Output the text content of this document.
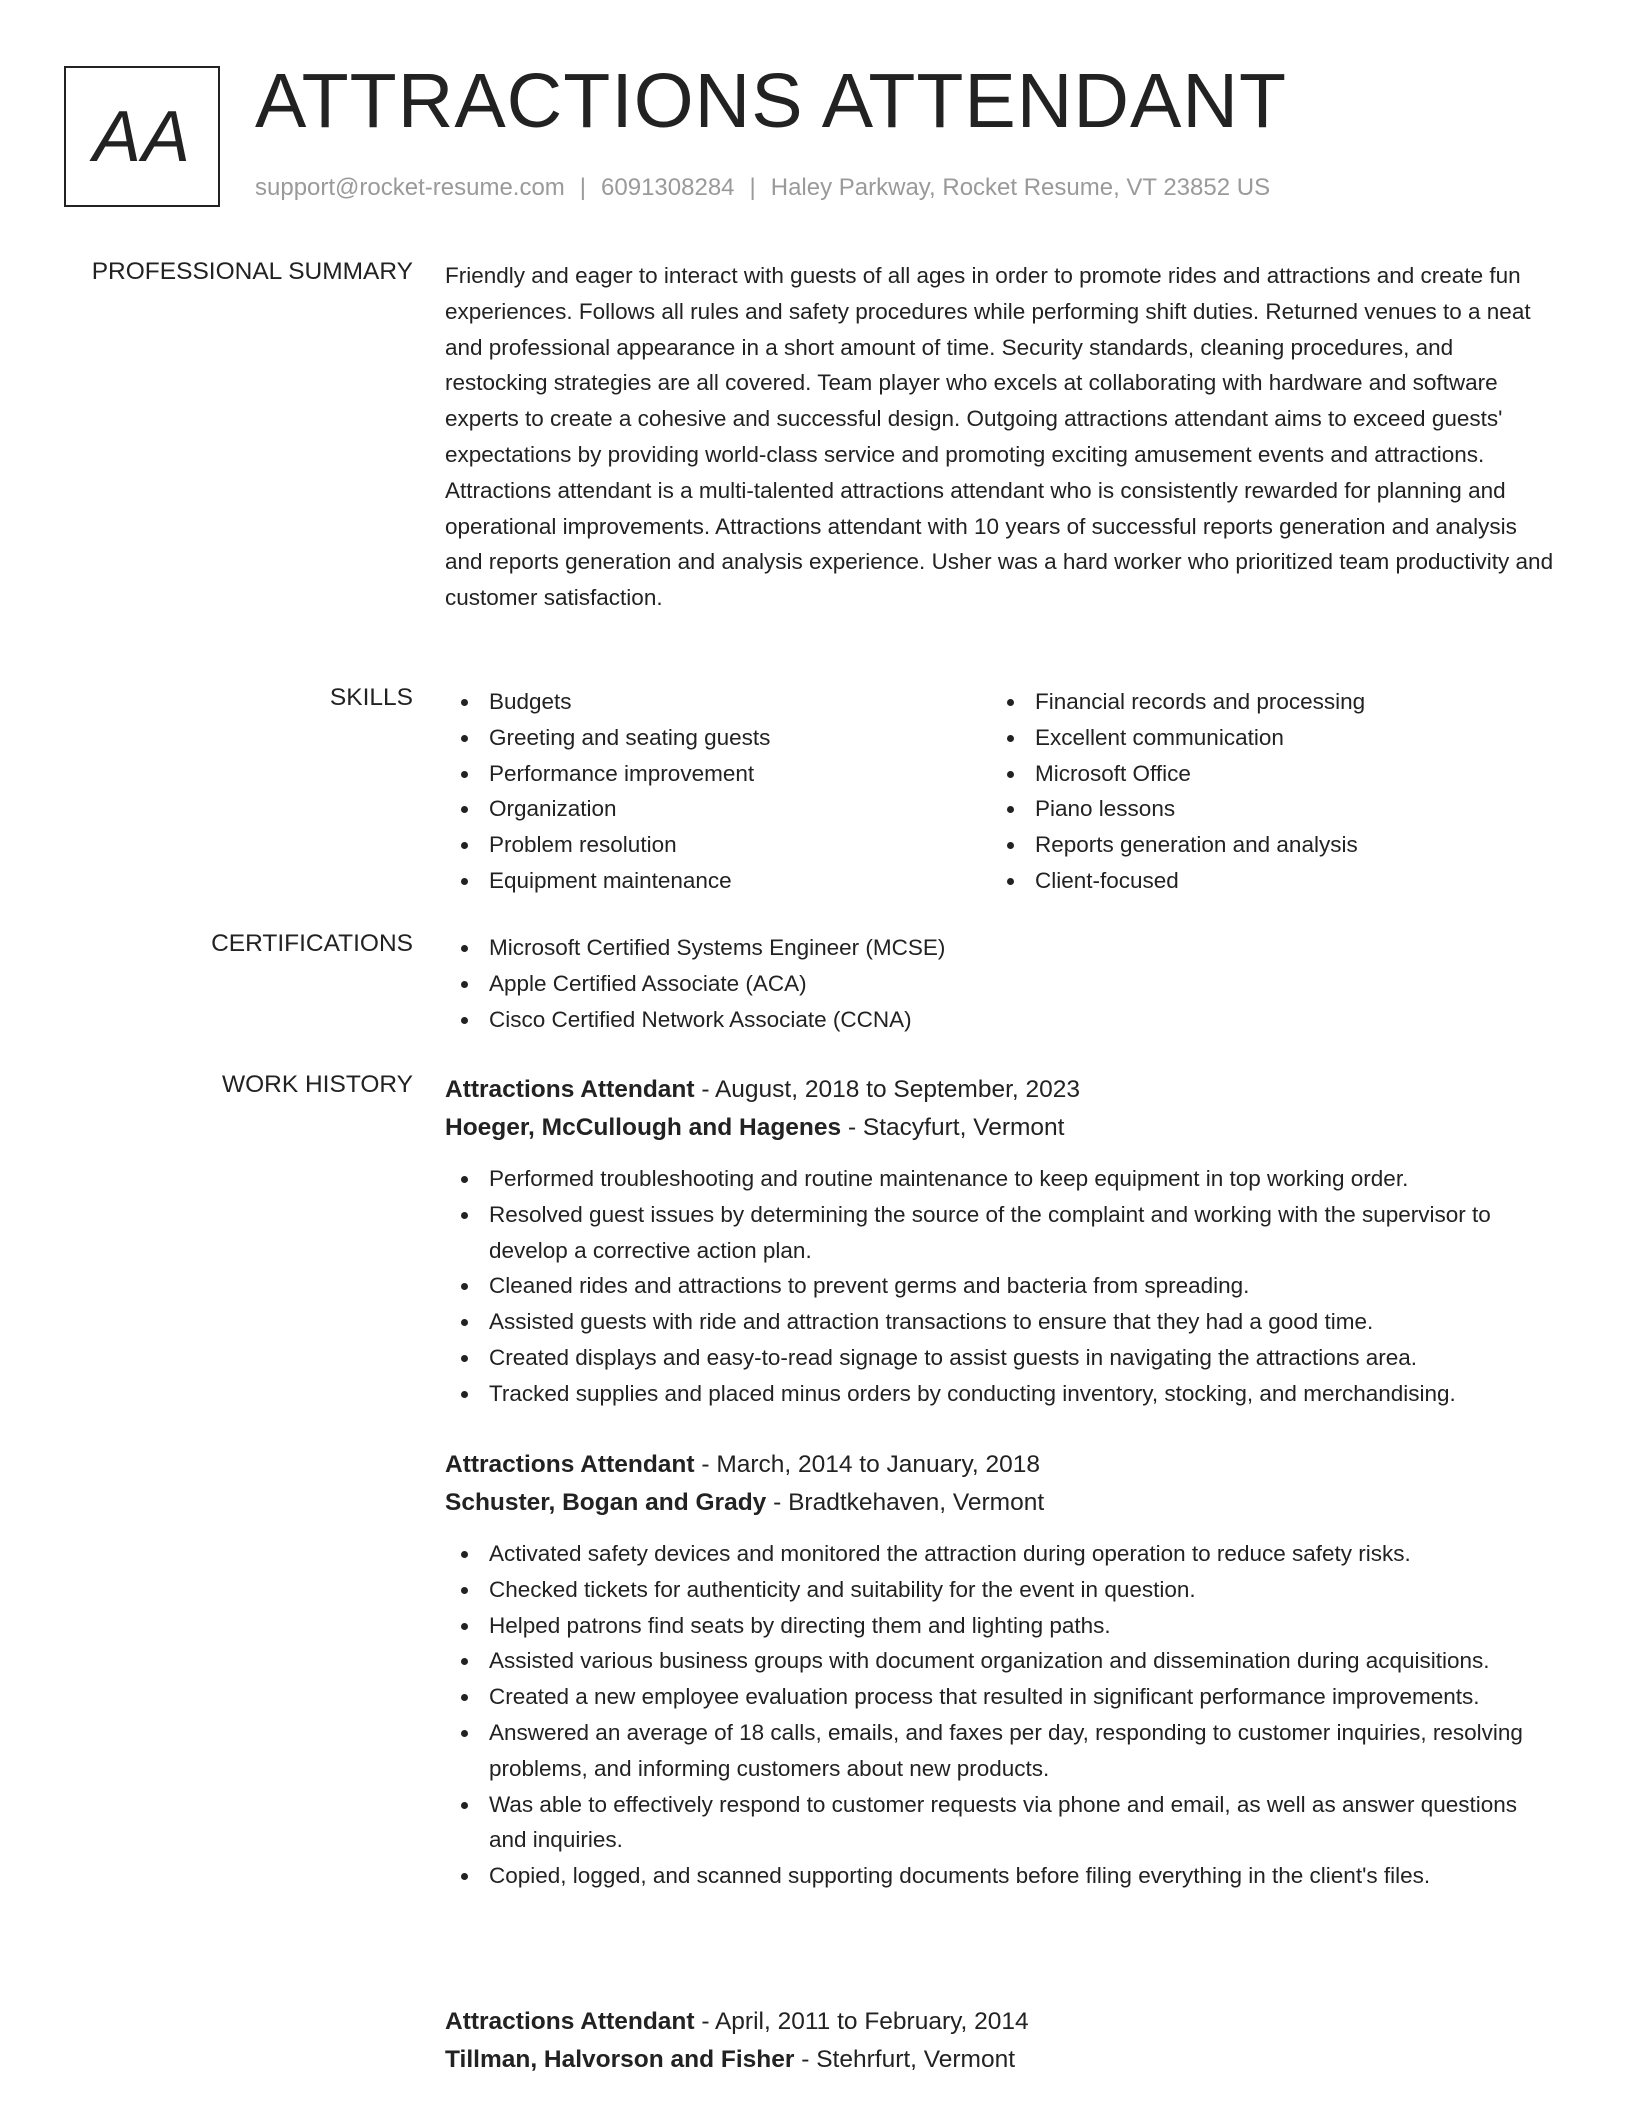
AA ATTRACTIONS ATTENDANT
support@rocket-resume.com | 6091308284 | Haley Parkway, Rocket Resume, VT 23852 US
PROFESSIONAL SUMMARY Friendly and eager to interact with guests of all ages in order to promote rides and attractions and create fun experiences. Follows all rules and safety procedures while performing shift duties. Returned venues to a neat and professional appearance in a short amount of time. Security standards, cleaning procedures, and restocking strategies are all covered. Team player who excels at collaborating with hardware and software experts to create a cohesive and successful design. Outgoing attractions attendant aims to exceed guests' expectations by providing world-class service and promoting exciting amusement events and attractions. Attractions attendant is a multi-talented attractions attendant who is consistently rewarded for planning and operational improvements. Attractions attendant with 10 years of successful reports generation and analysis and reports generation and analysis experience. Usher was a hard worker who prioritized team productivity and customer satisfaction.
SKILLS	Budgets
Greeting and seating guests
Performance improvement
Organization
Problem resolution
Equipment maintenance
Financial records and processing
Excellent communication
Microsoft Office
Piano lessons
Reports generation and analysis
Client-focused
CERTIFICATIONS	Microsoft Certified Systems Engineer (MCSE)
Apple Certified Associate (ACA)
Cisco Certified Network Associate (CCNA)
WORK HISTORY Attractions Attendant - August, 2018 to September, 2023
Hoeger, McCullough and Hagenes - Stacyfurt, Vermont
Performed troubleshooting and routine maintenance to keep equipment in top working order.
Resolved guest issues by determining the source of the complaint and working with the supervisor to develop a corrective action plan.
Cleaned rides and attractions to prevent germs and bacteria from spreading.
Assisted guests with ride and attraction transactions to ensure that they had a good time.
Created displays and easy-to-read signage to assist guests in navigating the attractions area.
Tracked supplies and placed minus orders by conducting inventory, stocking, and merchandising.
Attractions Attendant - March, 2014 to January, 2018
Schuster, Bogan and Grady - Bradtkehaven, Vermont
Activated safety devices and monitored the attraction during operation to reduce safety risks.
Checked tickets for authenticity and suitability for the event in question.
Helped patrons find seats by directing them and lighting paths.
Assisted various business groups with document organization and dissemination during acquisitions.
Created a new employee evaluation process that resulted in significant performance improvements.
Answered an average of 18 calls, emails, and faxes per day, responding to customer inquiries, resolving problems, and informing customers about new products.
Was able to effectively respond to customer requests via phone and email, as well as answer questions and inquiries.
Copied, logged, and scanned supporting documents before filing everything in the client's files.
Attractions Attendant - April, 2011 to February, 2014
Tillman, Halvorson and Fisher - Stehrfurt, Vermont
